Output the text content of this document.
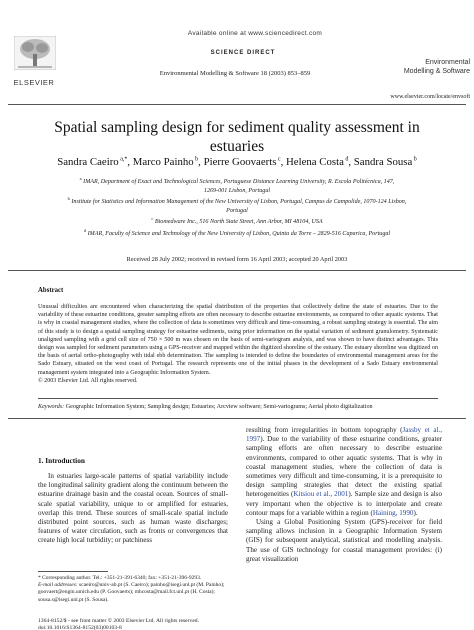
ELSEVIER
Available online at www.sciencedirect.com
SCIENCE DIRECT
Environmental Modelling & Software 18 (2003) 853–859
Environmental
Modelling & Software
www.elsevier.com/locate/envsoft
Spatial sampling design for sediment quality assessment in
estuaries
Sandra Caeiro $^{a,*}$, Marco Painho $^b$, Pierre Goovaerts $^c$, Helena Costa $^d$, Sandra Sousa $^b$
$^a$ IMAR, Department of Exact and Technological Sciences, Portuguese Distance Learning University, R. Escola Politécnica, 147,
1269-001 Lisbon, Portugal
$^b$ Institute for Statistics and Information Management of the New University of Lisbon, Portugal, Campus de Campolide, 1070-124 Lisbon,
Portugal
$^c$ Biomedware Inc., 516 North State Street, Ann Arbor, MI 48104, USA
$^d$ IMAR, Faculty of Science and Technology of the New University of Lisbon, Quinta da Torre – 2829-516 Caparica, Portugal
Received 28 July 2002; received in revised form 16 April 2003; accepted 20 April 2003
Abstract
Unusual difficulties are encountered when characterizing the spatial distribution of the properties that collectively define the state of estuaries. Due to the variability of these estuarine conditions, greater sampling efforts are often necessary to describe estuarine environments, as compared to other aquatic systems. That is why in coastal management studies, where the collection of data is sometimes very difficult and time-consuming, a robust sampling strategy is essential. The aim of this study is to design a spatial sampling strategy for estuarine sediments, using prior information on the spatial variation of sediment granulometry. Systematic unaligned sampling with a grid cell size of 750 × 500 m was chosen on the basis of semi-variogram analysis, and was shown to have distinct advantages. This design was sampled for sediment parameters using a GPS-receiver and mapped within the digitized shoreline of the estuary. The estuary shoreline was digitized on the basis of aerial ortho-photography with tidal ebb determination. The sampling is intended to define the boundaries of environmental management areas for the Sado Estuary, situated on the west coast of Portugal. The research represents one of the initial phases in the development of a Sado Estuary environmental management system integrated into a Geographic Information System.
© 2003 Elsevier Ltd. All rights reserved.
Keywords: Geographic Information System; Sampling design; Estuaries; Arcview software; Semi-variograms; Aerial photo digitalization
1. Introduction
In estuaries large-scale patterns of spatial variability include the longitudinal salinity gradient along the continuum between the estuarine drainage basin and the coastal ocean. Sources of small-scale spatial variability, unique to or amplified for estuaries, overlap this trend. These sources of small-scale spatial include distributed point sources, such as human waste discharges; features of water circulation, such as fronts or convergences that create high local turbidity; or patchiness
resulting from irregularities in bottom topography (Jassby et al., 1997). Due to the variability of these estuarine conditions, greater sampling efforts are often necessary to describe estuarine environments, compared to other aquatic systems. That is why in coastal management studies, where the collection of data is sometimes very difficult and time-consuming, it is a prerequisite to design sampling strategies that detect the existing spatial heterogeneities (Kitsiou et al., 2001). Sample size and design is also very important when the objective is to interpolate and create contour maps for a variable within a region (Haining, 1990).
Using a Global Positioning System (GPS)-receiver for field sampling allows inclusion in a Geographic Information System (GIS) for subsequent analytical, statistical and modelling analysis. The use of GIS technology for coastal management provides: (i) great visualization
* Corresponding author. Tel.: +351-21-391-6340; fax: +351-21-396-9293.
E-mail addresses: scaeiro@univ-ab.pt (S. Caeiro); painho@isegi.unl.pt (M. Painho); goovaert@engin.umich.edu (P. Goovaerts); mhcosta@mail.fct.unl.pt (H. Costa); sousa.s@isegi.unl.pt (S. Sousa).
1364-8152/$ - see front matter © 2003 Elsevier Ltd. All rights reserved.
doi:10.1016/S1364-8152(03)00103-8
